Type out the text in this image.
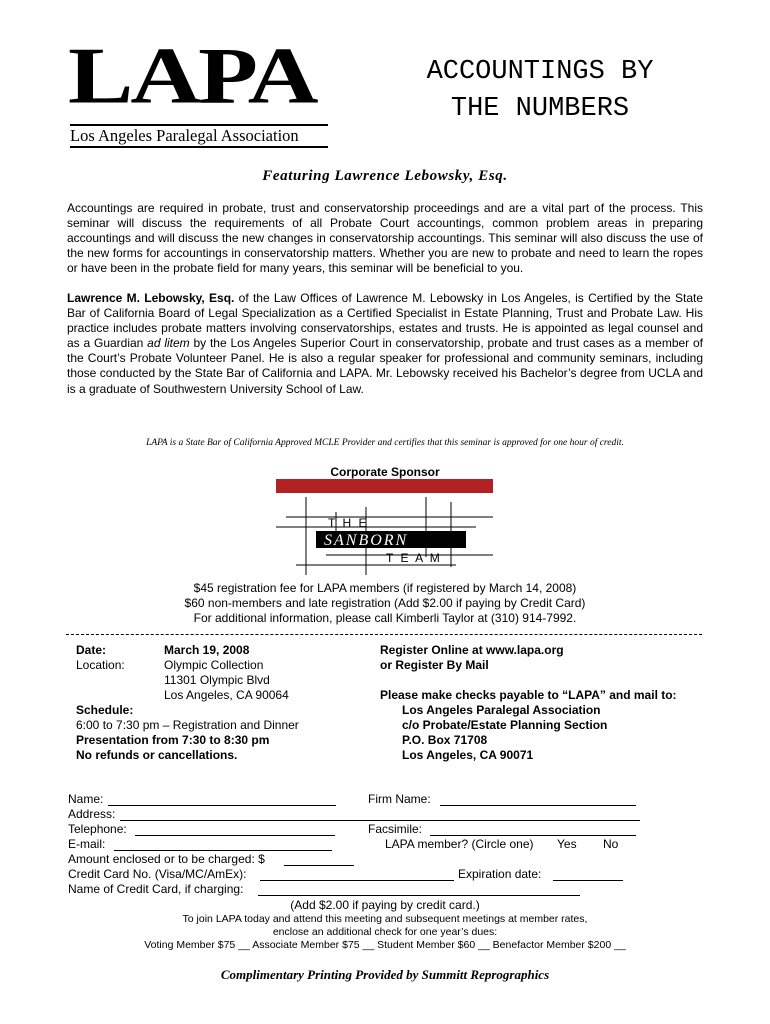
LAPA
Los Angeles Paralegal Association
ACCOUNTINGS BY
THE NUMBERS
Featuring Lawrence Lebowsky, Esq.
Accountings are required in probate, trust and conservatorship proceedings and are a vital part of the process. This seminar will discuss the requirements of all Probate Court accountings, common problem areas in preparing accountings and will discuss the new changes in conservatorship accountings. This seminar will also discuss the use of the new forms for accountings in conservatorship matters. Whether you are new to probate and need to learn the ropes or have been in the probate field for many years, this seminar will be beneficial to you.
Lawrence M. Lebowsky, Esq. of the Law Offices of Lawrence M. Lebowsky in Los Angeles, is Certified by the State Bar of California Board of Legal Specialization as a Certified Specialist in Estate Planning, Trust and Probate Law. His practice includes probate matters involving conservatorships, estates and trusts. He is appointed as legal counsel and as a Guardian ad litem by the Los Angeles Superior Court in conservatorship, probate and trust cases as a member of the Court’s Probate Volunteer Panel. He is also a regular speaker for professional and community seminars, including those conducted by the State Bar of California and LAPA. Mr. Lebowsky received his Bachelor’s degree from UCLA and is a graduate of Southwestern University School of Law.
LAPA is a State Bar of California Approved MCLE Provider and certifies that this seminar is approved for one hour of credit.
Corporate Sponsor
T H E
SANBORN
T E A M
$45 registration fee for LAPA members (if registered by March 14, 2008)
$60 non-members and late registration (Add $2.00 if paying by Credit Card)
For additional information, please call Kimberli Taylor at (310) 914-7992.
Date:	March 19, 2008
Location:	Olympic Collection
11301 Olympic Blvd
Los Angeles, CA 90064
Schedule:
6:00 to 7:30 pm – Registration and Dinner
Presentation from 7:30 to 8:30 pm
No refunds or cancellations.
Register Online at www.lapa.org
or Register By Mail
Please make checks payable to “LAPA” and mail to:
Los Angeles Paralegal Association
c/o Probate/Estate Planning Section
P.O. Box 71708
Los Angeles, CA 90071
Name:	Firm Name:
Address:
Telephone:	Facsimile:
E-mail:	LAPA member? (Circle one) Yes No
Amount enclosed or to be charged: $
Credit Card No. (Visa/MC/AmEx):	Expiration date:
Name of Credit Card, if charging:
(Add $2.00 if paying by credit card.)
To join LAPA today and attend this meeting and subsequent meetings at member rates,
enclose an additional check for one year’s dues:
Voting Member $75 __ Associate Member $75 __ Student Member $60 __ Benefactor Member $200 __
Complimentary Printing Provided by Summitt Reprographics
